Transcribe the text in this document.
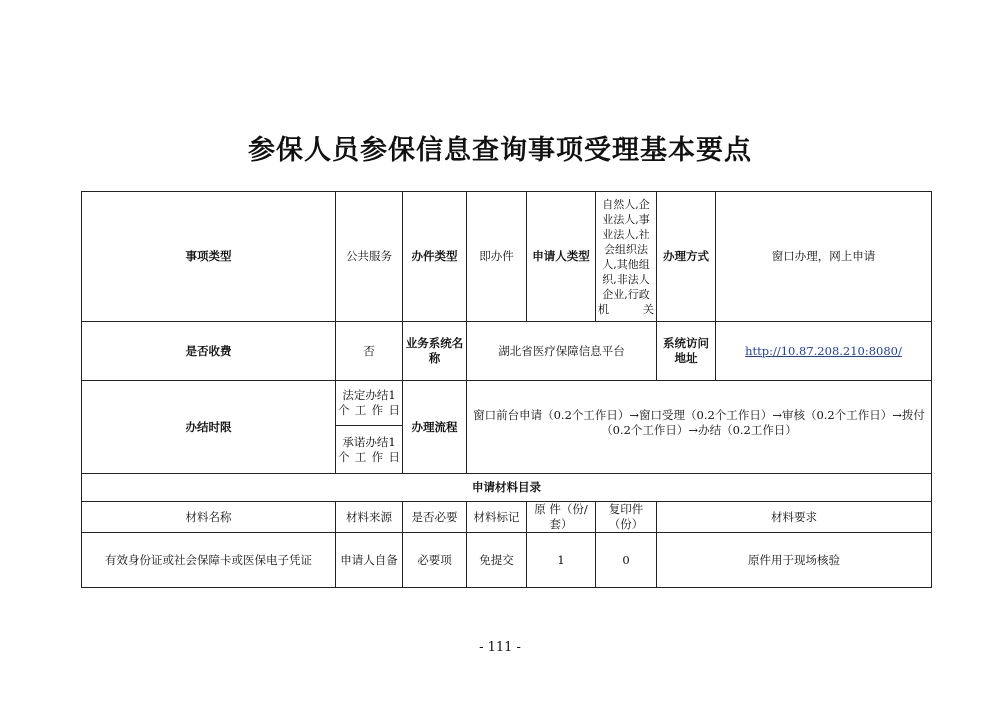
参保人员参保信息查询事项受理基本要点
事项类型	公共服务	办件类型	即办件	申请人类型	自然人,企业法人,事业法人,社会组织法人,其他组织,非法人企业,行政机关	办理方式	窗口办理，网上申请
是否收费	否	业务系统名称	湖北省医疗保障信息平台			系统访问地址	http://10.87.208.210:8080/
办结时限	法定办结1个工作日	办理流程	窗口前台申请（0.2个工作日）→窗口受理（0.2个工作日）→审核（0.2个工作日）→拨付（0.2个工作日）→办结（0.2工作日）				
	承诺办结1个工作日						
申请材料目录							
材料名称	材料来源	是否必要	材料标记	原 件（份/套）	复印件（份）	材料要求	
有效身份证或社会保障卡或医保电子凭证	申请人自备	必要项	免提交	1	0	原件用于现场核验	
- 111 -
